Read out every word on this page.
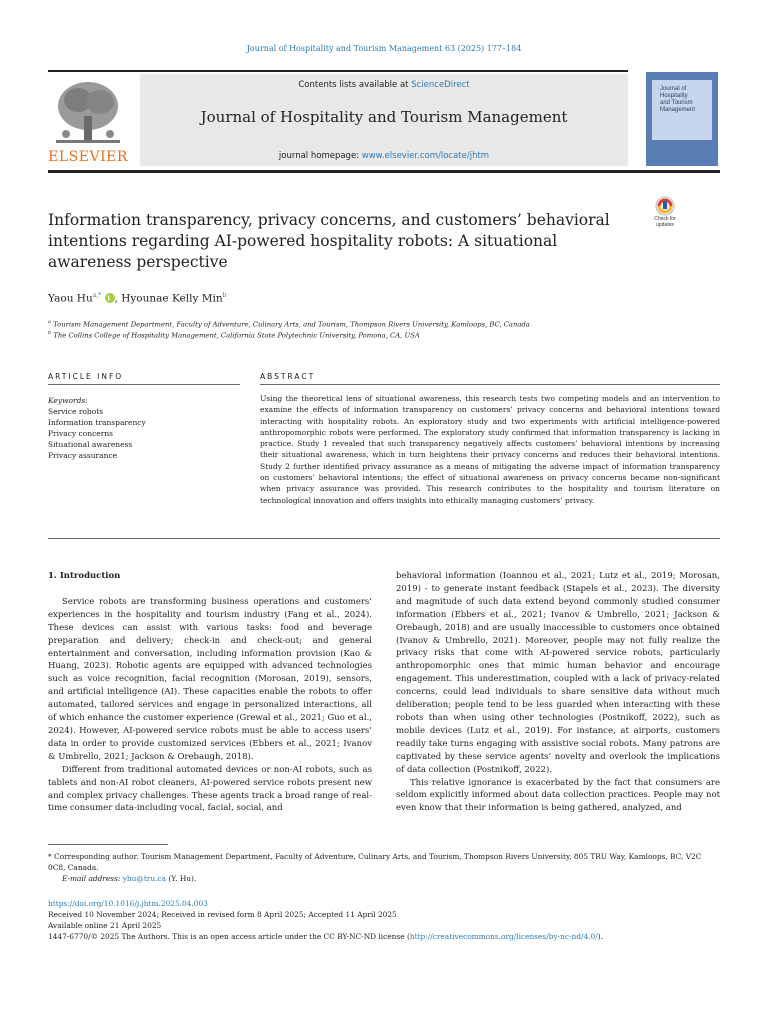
Journal of Hospitality and Tourism Management 63 (2025) 177–184
ELSEVIER
Contents lists available at ScienceDirect
Journal of Hospitality and Tourism Management
journal homepage: www.elsevier.com/locate/jhtm
Journal of
Hospitality
and Tourism
Management
Check for
updates
Information transparency, privacy concerns, and customers’ behavioral
intentions regarding AI-powered hospitality robots: A situational
awareness perspective
Yaou $Hu^{a,*}$ , Hyounae Kelly Min$^b$
$^a$ Tourism Management Department, Faculty of Adventure, Culinary Arts, and Tourism, Thompson Rivers University, Kamloops, BC, Canada
$^b$ The Collins College of Hospitality Management, California State Polytechnic University, Pomona, CA, USA
ARTICLE INFO	ABSTRACT
Keywords:
Service robots
Information transparency
Privacy concerns
Situational awareness
Privacy assurance
Using the theoretical lens of situational awareness, this research tests two competing models and an intervention to examine the effects of information transparency on customers’ privacy concerns and behavioral intentions toward interacting with hospitality robots. An exploratory study and two experiments with artificial intelligence-powered anthropomorphic robots were performed. The exploratory study confirmed that information transparency is lacking in practice. Study 1 revealed that such transparency negatively affects customers’ behavioral intentions by increasing their situational awareness, which in turn heightens their privacy concerns and reduces their behavioral intentions. Study 2 further identified privacy assurance as a means of mitigating the adverse impact of information transparency on customers’ behavioral intentions; the effect of situational awareness on privacy concerns became non-significant when privacy assurance was provided. This research contributes to the hospitality and tourism literature on technological innovation and offers insights into ethically managing customers’ privacy.
1. Introduction

Service robots are transforming business operations and customers’ experiences in the hospitality and tourism industry (Fang et al., 2024). These devices can assist with various tasks: food and beverage preparation and delivery; check-in and check-out; and general entertainment and conversation, including information provision (Kao & Huang, 2023). Robotic agents are equipped with advanced technologies such as voice recognition, facial recognition (Morosan, 2019), sensors, and artificial intelligence (AI). These capacities enable the robots to offer automated, tailored services and engage in personalized interactions, all of which enhance the customer experience (Grewal et al., 2021; Guo et al., 2024). However, AI-powered service robots must be able to access users’ data in order to provide customized services (Ebbers et al., 2021; Ivanov & Umbrello, 2021; Jackson & Orebaugh, 2018).

Different from traditional automated devices or non-AI robots, such as tablets and non-AI robot cleaners, AI-powered service robots present new and complex privacy challenges. These agents track a broad range of real-time consumer data-including vocal, facial, social, and

behavioral information (Ioannou et al., 2021; Lutz et al., 2019; Morosan, 2019) - to generate instant feedback (Stapels et al., 2023). The diversity and magnitude of such data extend beyond commonly studied consumer information (Ebbers et al., 2021; Ivanov & Umbrello, 2021; Jackson & Orebaugh, 2018) and are usually inaccessible to customers once obtained (Ivanov & Umbrello, 2021). Moreover, people may not fully realize the privacy risks that come with AI-powered service robots, particularly anthropomorphic ones that mimic human behavior and encourage engagement. This underestimation, coupled with a lack of privacy-related concerns, could lead individuals to share sensitive data without much deliberation; people tend to be less guarded when interacting with these robots than when using other technologies (Postnikoff, 2022), such as mobile devices (Lutz et al., 2019). For instance, at airports, customers readily take turns engaging with assistive social robots. Many patrons are captivated by these service agents’ novelty and overlook the implications of data collection (Postnikoff, 2022).

This relative ignorance is exacerbated by the fact that consumers are seldom explicitly informed about data collection practices. People may not even know that their information is being gathered, analyzed, and

* Corresponding author. Tourism Management Department, Faculty of Adventure, Culinary Arts, and Tourism, Thompson Rivers University, 805 TRU Way, Kamloops, BC, V2C 0C8, Canada.
E-mail address: yhu@tru.ca (Y. Hu).
https://doi.org/10.1016/j.jhtm.2025.04.003
Received 10 November 2024; Received in revised form 8 April 2025; Accepted 11 April 2025
Available online 21 April 2025
1447-6770/© 2025 The Authors. This is an open access article under the CC BY-NC-ND license (http://creativecommons.org/licenses/by-nc-nd/4.0/).
